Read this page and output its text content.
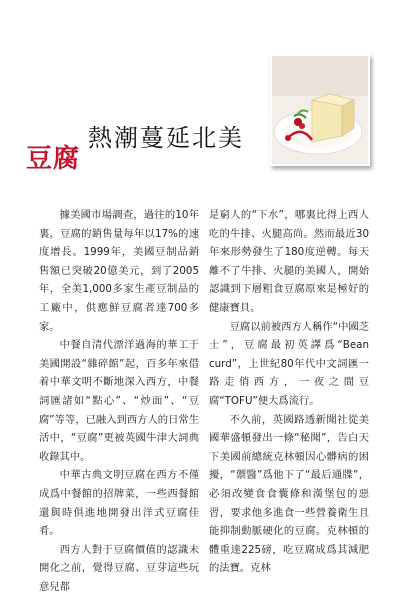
豆腐
熱潮蔓延北美

據美國市場調查，過往的10年裏，豆腐的銷售量每年以17%的速度增長。1999年，美國豆制品銷售額已突破20億美元，到了2005年，全美1,000多家生產豆制品的工廠中，供應鮮豆腐者達700多家。

中餐自清代漂洋過海的華工于美國開設“雜碎館”起，百多年來借着中華文明不斷地深入西方，中餐詞匯諸如“點心”、“炒面”、“豆腐”等等，已融入到西方人的日常生活中，“豆腐”更被英國牛津大詞典收錄其中。

中華古典文明豆腐在西方不僅成爲中餐館的招牌菜，一些西餐館還與時俱進地開發出洋式豆腐佳肴。

西方人對于豆腐價值的認識未開化之前，覺得豆腐、豆芽這些玩意兒都

是窮人的“下水”，哪裏比得上西人吃的牛排、火腿高尚。然而最近30年來形勢發生了180度逆轉。每天離不了牛排、火腿的美國人，開始認識到下層粗食豆腐原來是極好的健康寶貝。

豆腐以前被西方人稱作“中國芝士”，豆腐最初英譯爲“Bean curd”，上世紀80年代中文詞匯一路走俏西方，一夜之間豆腐“TOFU”便大爲流行。

不久前，英國路透新聞社從美國華盛頓發出一條“秘聞”，告白天下美國前總統克林頓因心髒病的困擾，“禦醫”爲他下了“最后通牒”，必須改變食食囊條和漢堡包的惡習，要求他多進食一些營養衛生且能抑制動脈硬化的豆腐。克林頓的體重達225磅，吃豆腐成爲其減肥的法寶。克林
